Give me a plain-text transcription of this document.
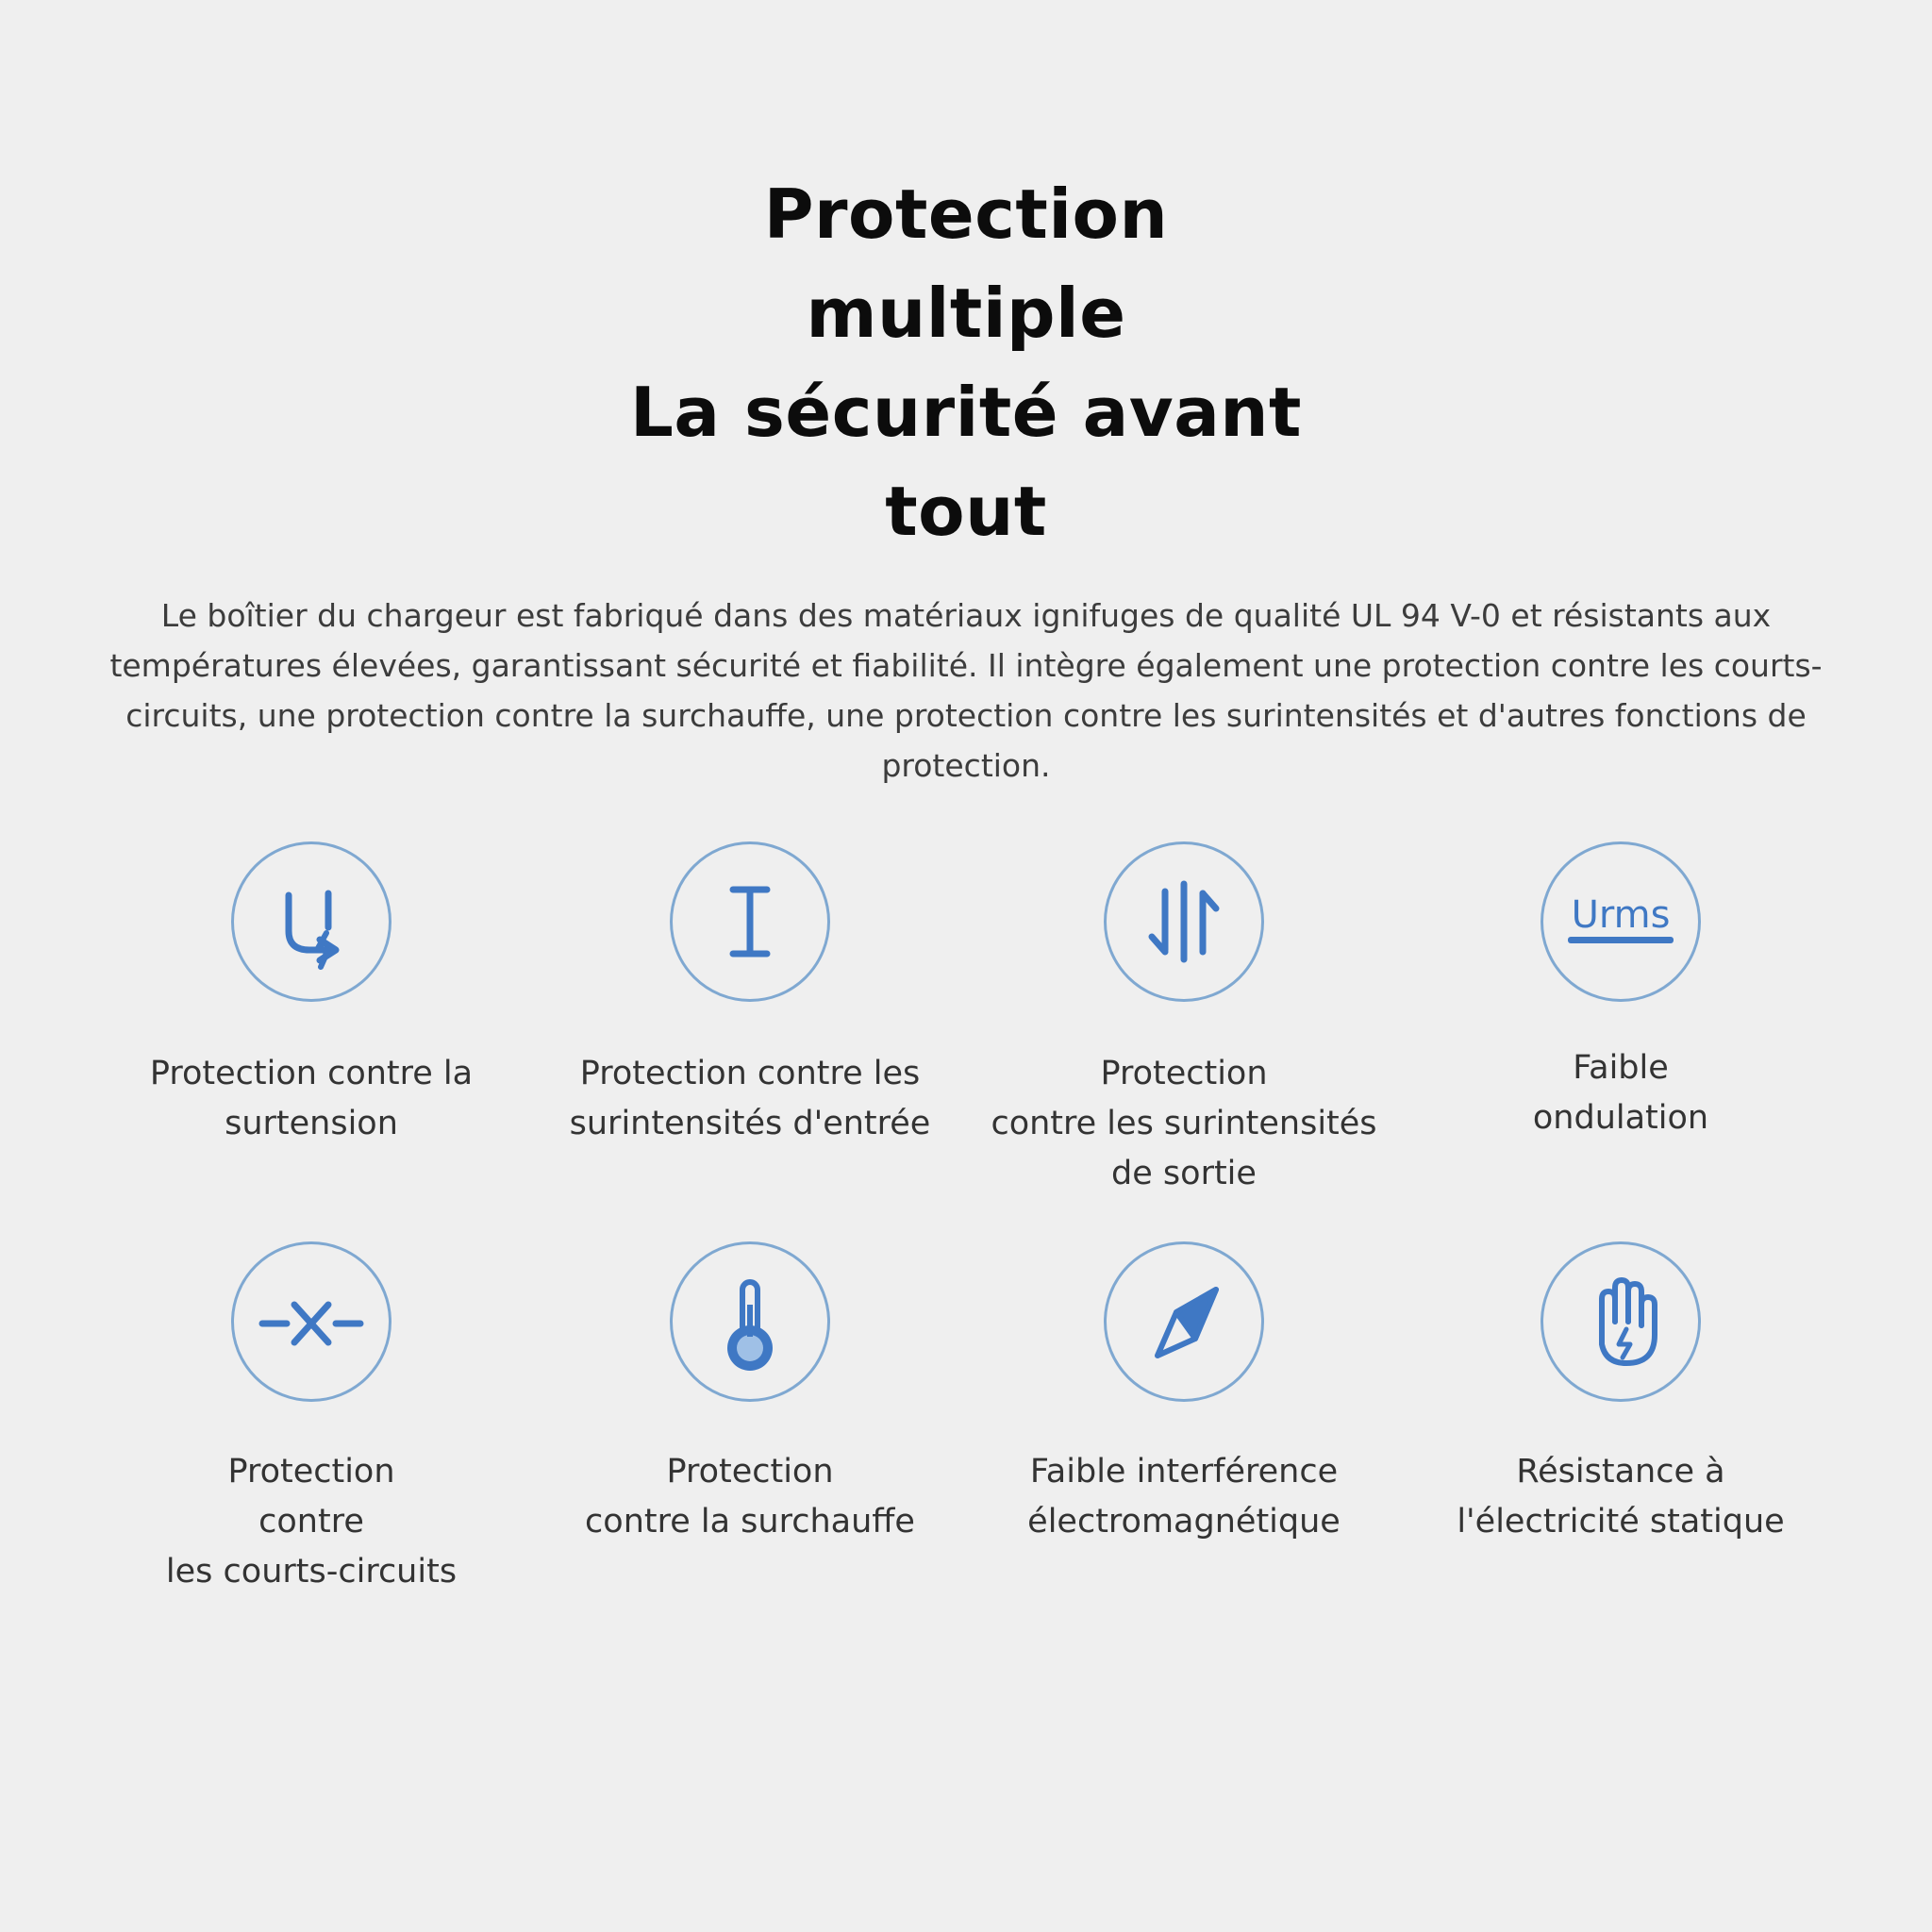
Protection
multiple
La sécurité avant
tout
Le boîtier du chargeur est fabriqué dans des matériaux ignifuges de qualité UL 94 V-0 et résistants aux
températures élevées, garantissant sécurité et fiabilité. Il intègre également une protection contre les courts-
circuits, une protection contre la surchauffe, une protection contre les surintensités et d'autres fonctions de
protection.
Protection contre la
surtension
Protection contre les
surintensités d'entrée
Protection
contre les surintensités
de sortie
Urms
Faible
ondulation
Protection
contre
les courts-circuits
Protection
contre la surchauffe
Faible interférence
électromagnétique
Résistance à
l'électricité statique
